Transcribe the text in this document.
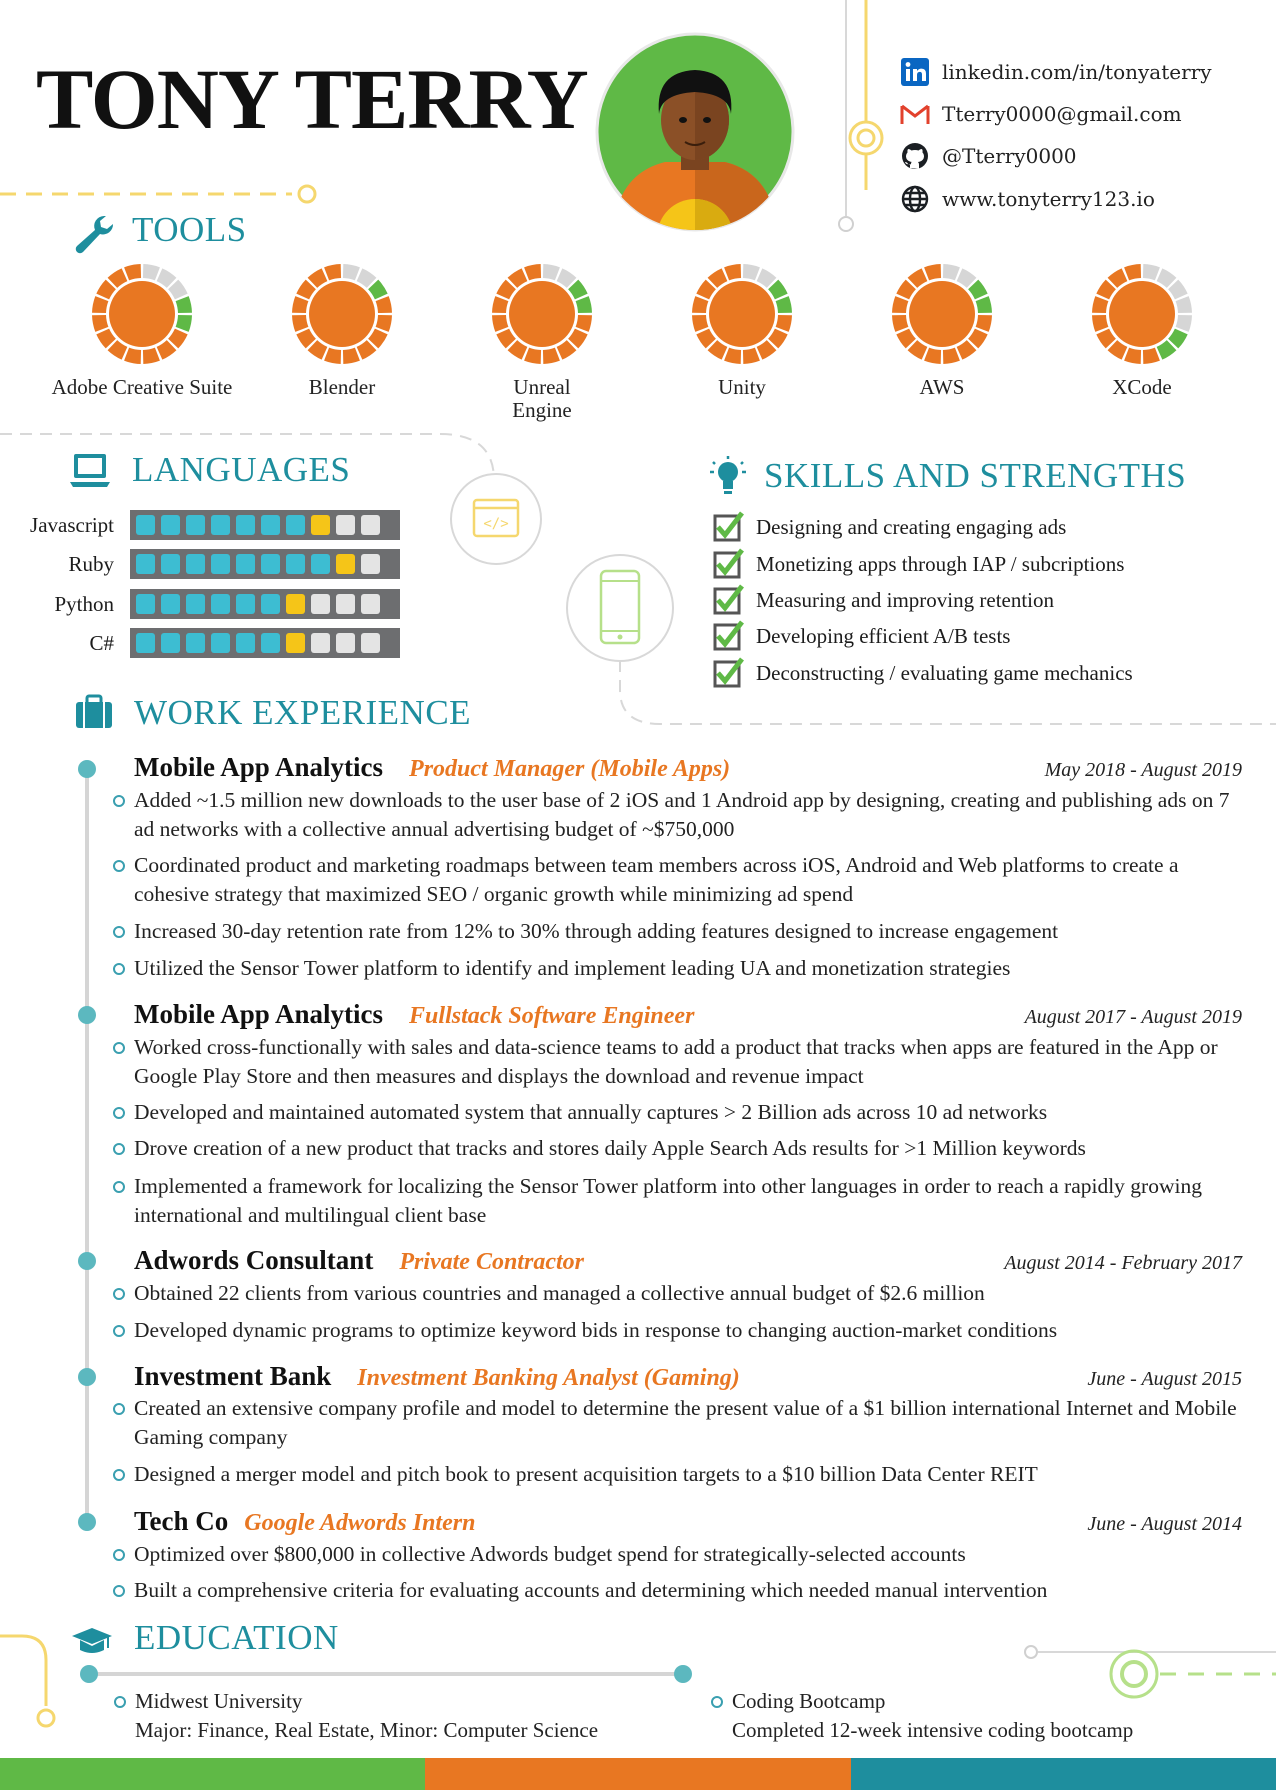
TONY TERRY	linkedin.com/in/tonyaterry
Tterry0000@gmail.com
@Tterry0000
www.tonyterry123.io
TOOLS
Adobe Creative Suite	Blender	Unreal Engine
Unity	AWS	XCode
LANGUAGES
Javascript
Ruby
Python
C#
</>
SKILLS AND STRENGTHS
Designing and creating engaging ads
Monetizing apps through IAP / subcriptions
Measuring and improving retention
Developing efficient A/B tests
Deconstructing / evaluating game mechanics
WORK EXPERIENCE
Mobile App Analytics Product Manager (Mobile Apps)	May 2018 - August 2019
Added ~1.5 million new downloads to the user base of 2 iOS and 1 Android app by designing, creating and publishing ads on 7 ad networks with a collective annual advertising budget of ~$750,000
Coordinated product and marketing roadmaps between team members across iOS, Android and Web platforms to create a cohesive strategy that maximized SEO / organic growth while minimizing ad spend
Increased 30-day retention rate from 12% to 30% through adding features designed to increase engagement
Utilized the Sensor Tower platform to identify and implement leading UA and monetization strategies
Mobile App Analytics Fullstack Software Engineer	August 2017 - August 2019
Worked cross-functionally with sales and data-science teams to add a product that tracks when apps are featured in the App or Google Play Store and then measures and displays the download and revenue impact
Developed and maintained automated system that annually captures > 2 Billion ads across 10 ad networks
Drove creation of a new product that tracks and stores daily Apple Search Ads results for >1 Million keywords
Implemented a framework for localizing the Sensor Tower platform into other languages in order to reach a rapidly growing international and multilingual client base
Adwords Consultant Private Contractor	August 2014 - February 2017
Obtained 22 clients from various countries and managed a collective annual budget of $2.6 million
Developed dynamic programs to optimize keyword bids in response to changing auction-market conditions
Investment Bank Investment Banking Analyst (Gaming)	June - August 2015
Created an extensive company profile and model to determine the present value of a $1 billion international Internet and Mobile Gaming company
Designed a merger model and pitch book to present acquisition targets to a $10 billion Data Center REIT
Tech Co Google Adwords Intern	June - August 2014
Optimized over $800,000 in collective Adwords budget spend for strategically-selected accounts
Built a comprehensive criteria for evaluating accounts and determining which needed manual intervention
EDUCATION
Midwest University
Major: Finance, Real Estate, Minor: Computer Science
Coding Bootcamp
Completed 12-week intensive coding bootcamp
